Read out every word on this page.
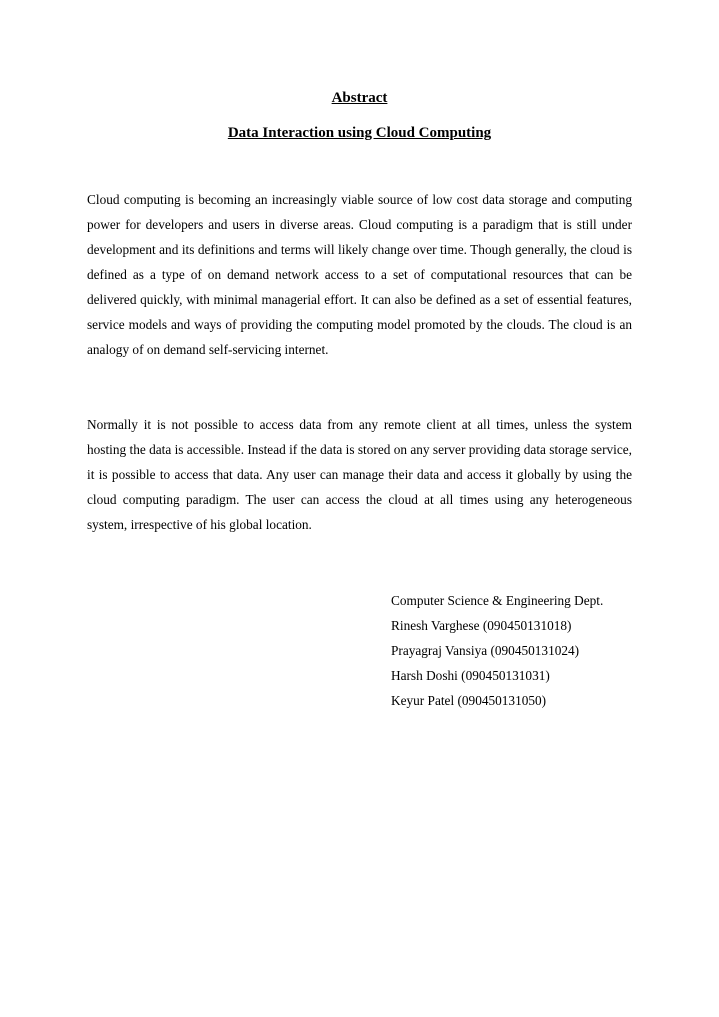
Abstract
Data Interaction using Cloud Computing

Cloud computing is becoming an increasingly viable source of low cost data storage and computing power for developers and users in diverse areas. Cloud computing is a paradigm that is still under development and its definitions and terms will likely change over time. Though generally, the cloud is defined as a type of on demand network access to a set of computational resources that can be delivered quickly, with minimal managerial effort. It can also be defined as a set of essential features, service models and ways of providing the computing model promoted by the clouds. The cloud is an analogy of on demand self-servicing internet.

Normally it is not possible to access data from any remote client at all times, unless the system hosting the data is accessible. Instead if the data is stored on any server providing data storage service, it is possible to access that data. Any user can manage their data and access it globally by using the cloud computing paradigm. The user can access the cloud at all times using any heterogeneous system, irrespective of his global location.

Computer Science & Engineering Dept.
Rinesh Varghese (090450131018)
Prayagraj Vansiya (090450131024)
Harsh Doshi (090450131031)
Keyur Patel (090450131050)
